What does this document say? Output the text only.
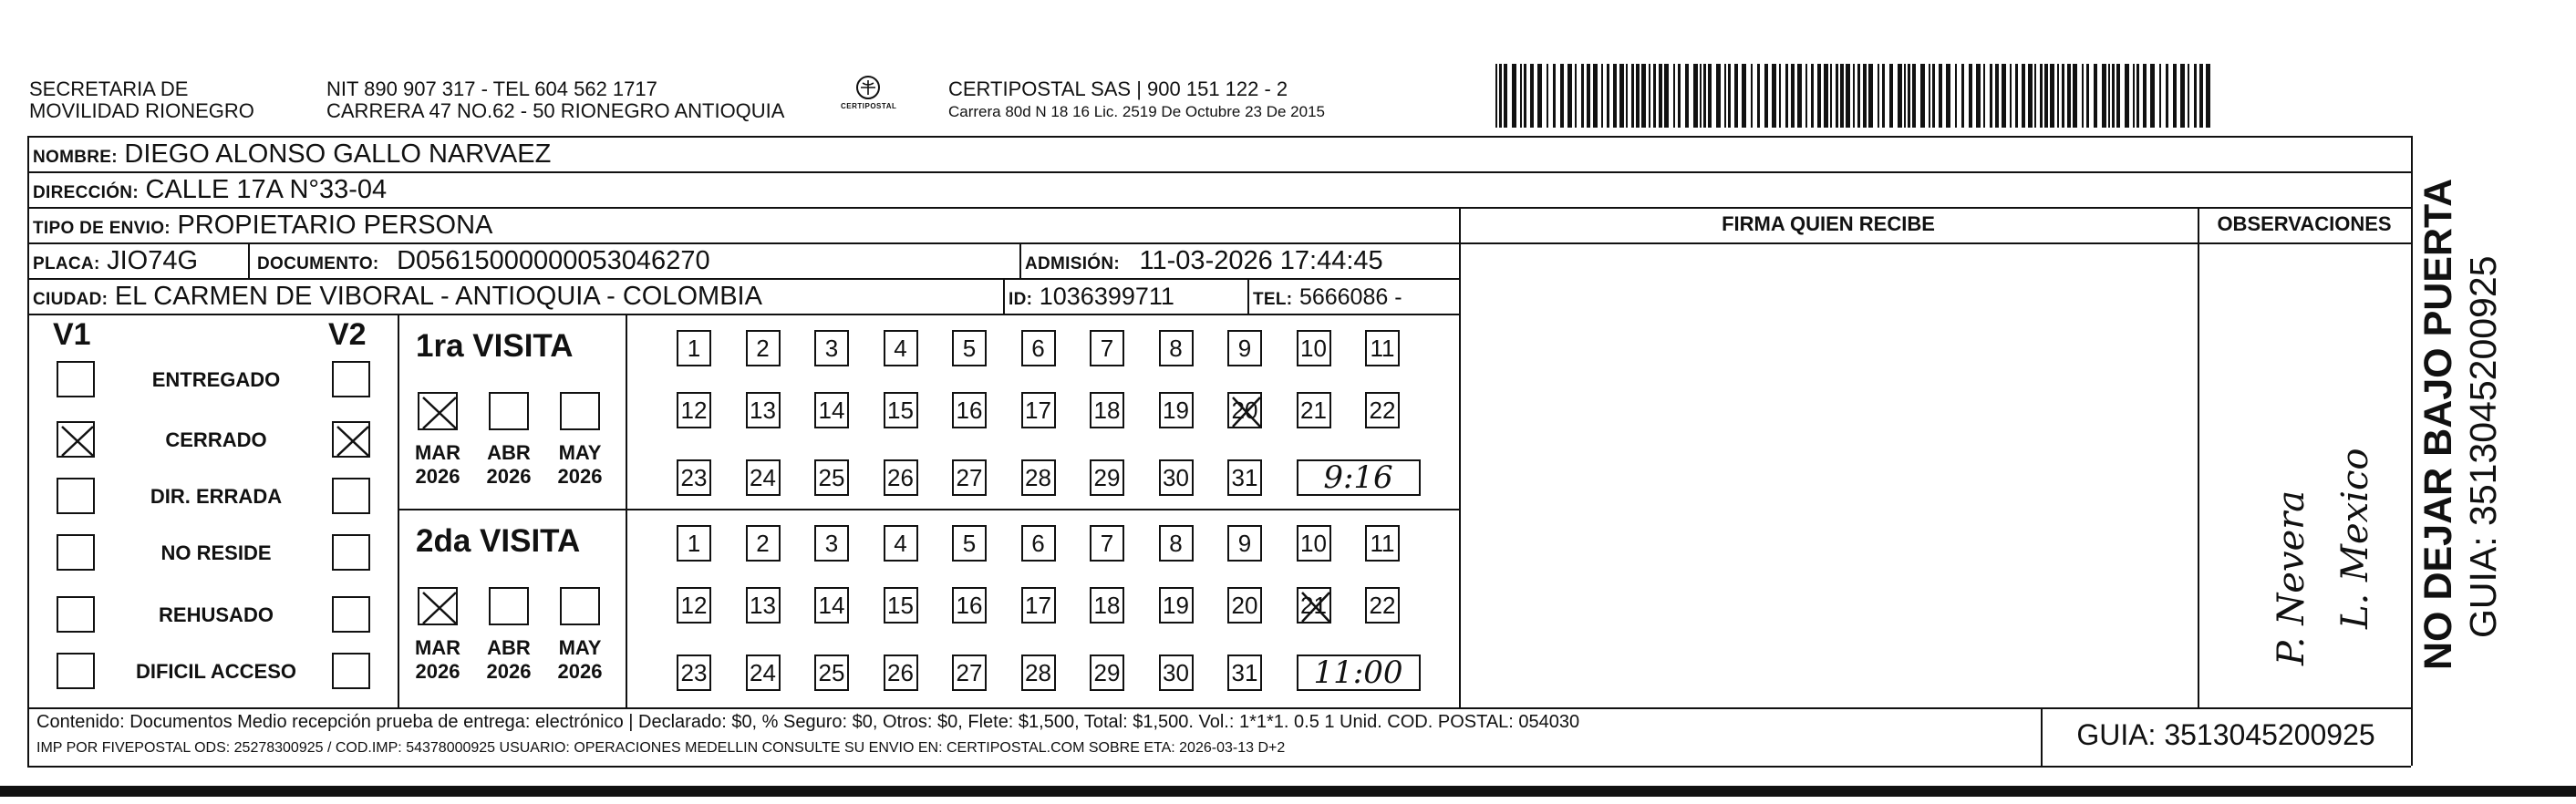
SECRETARIA DE
MOVILIDAD RIONEGRO
NIT 890 907 317 - TEL 604 562 1717
CARRERA 47 NO.62 - 50 RIONEGRO ANTIOQUIA	CERTIPOSTAL
CERTIPOSTAL SAS | 900 151 122 - 2
Carrera 80d N 18 16 Lic. 2519 De Octubre 23 De 2015
NOMBRE: DIEGO ALONSO GALLO NARVAEZ
DIRECCIÓN: CALLE 17A N°33-04
TIPO DE ENVIO: PROPIETARIO PERSONA
PLACA: JIO74G	DOCUMENTO: D05615000000053046270	ADMISIÓN: 11-03-2026 17:44:45
CIUDAD: EL CARMEN DE VIBORAL - ANTIOQUIA - COLOMBIA	ID: 1036399711	TEL: 5666086 -
FIRMA QUIEN RECIBE	OBSERVACIONES
V1	V2
ENTREGADO
CERRADO
DIR. ERRADA
NO RESIDE
REHUSADO
DIFICIL ACCESO
1ra VISITA
MAR
2026
ABR
2026
MAY
2026
1	2	3	4	5	6	7	8	9	10 11
12 13 14 15 16 17 18 19 20 21 22
23 24 25 26 27 28 29 30 31	9:16
2da VISITA
MAR
2026
ABR
2026
MAY
2026
1	2	3	4	5	6	7	8	9	10 11
12 13 14 15 16 17 18 19 20 21 22
23 24 25 26 27 28 29 30 31	11:00
P. Nevera L. Mexico NO DEJAR BAJO PUERTA GUIA: 3513045200925
Contenido: Documentos Medio recepción prueba de entrega: electrónico | Declarado: $0, % Seguro: $0, Otros: $0, Flete: $1,500, Total: $1,500. Vol.: 1*1*1. 0.5 1 Unid. COD. POSTAL: 054030
IMP POR FIVEPOSTAL ODS: 25278300925 / COD.IMP: 54378000925 USUARIO: OPERACIONES MEDELLIN CONSULTE SU ENVIO EN: CERTIPOSTAL.COM SOBRE ETA: 2026-03-13 D+2	GUIA: 3513045200925
